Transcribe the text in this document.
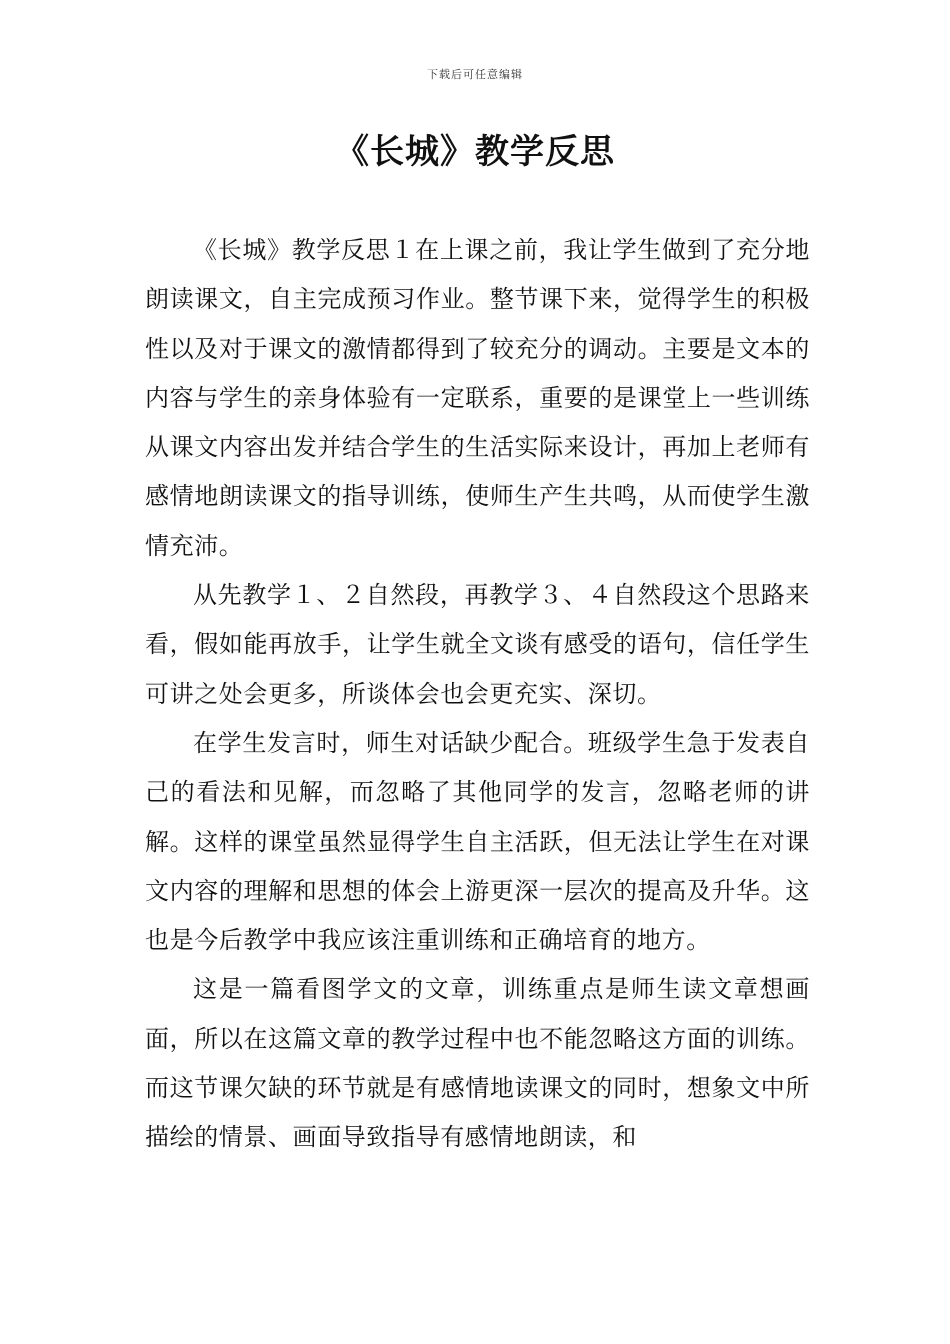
下载后可任意编辑
《长城》教学反思

《长城》教学反思１在上课之前，我让学生做到了充分地朗读课文，自主完成预习作业。整节课下来，觉得学生的积极性以及对于课文的激情都得到了较充分的调动。主要是文本的内容与学生的亲身体验有一定联系，重要的是课堂上一些训练从课文内容出发并结合学生的生活实际来设计，再加上老师有感情地朗读课文的指导训练，使师生产生共鸣，从而使学生激情充沛。

从先教学１、２自然段，再教学３、４自然段这个思路来看，假如能再放手，让学生就全文谈有感受的语句，信任学生可讲之处会更多，所谈体会也会更充实、深切。

在学生发言时，师生对话缺少配合。班级学生急于发表自己的看法和见解，而忽略了其他同学的发言，忽略老师的讲解。这样的课堂虽然显得学生自主活跃，但无法让学生在对课文内容的理解和思想的体会上游更深一层次的提高及升华。这也是今后教学中我应该注重训练和正确培育的地方。

这是一篇看图学文的文章，训练重点是师生读文章想画面，所以在这篇文章的教学过程中也不能忽略这方面的训练。而这节课欠缺的环节就是有感情地读课文的同时，想象文中所描绘的情景、画面导致指导有感情地朗读，和
